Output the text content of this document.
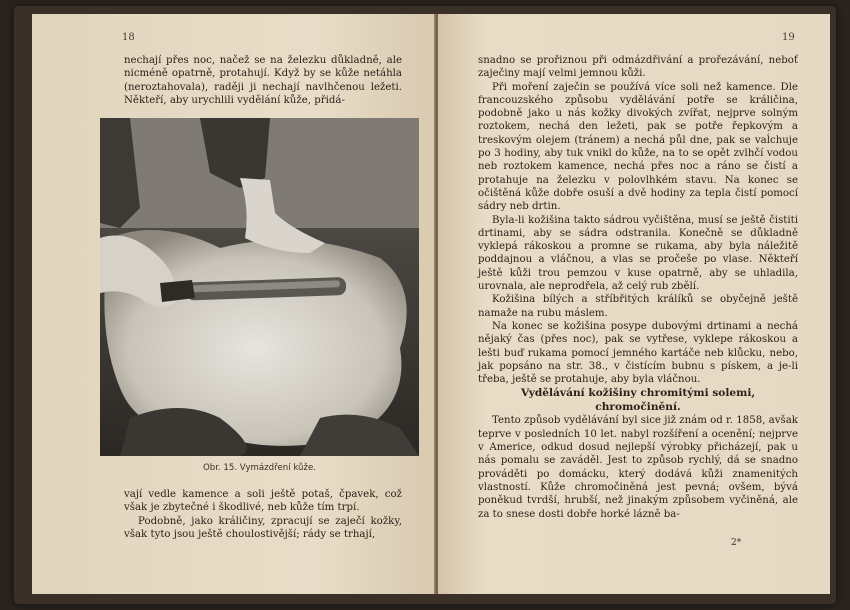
18

nechají přes noc, načež se na železku důkladně, ale nicméně opatrně, protahují. Když by se kůže netáhla (neroztahovala), raději ji nechají navlhčenou ležeti. Někteří, aby urychlili vydělání kůže, přidá-

Obr. 15. Vymázdření kůže.

vají vedle kamence a soli ještě potaš, čpavek, což však je zbytečné i škodlivé, neb kůže tím trpí.

Podobně, jako králičiny, zpracují se zaječí kožky, však tyto jsou ještě choulostivější; rády se trhají,

19

snadno se prořiznou při odmázdřivání a prořezávání, neboť zaječiny mají velmi jemnou kůži.

Při moření zaječin se používá více soli než kamence. Dle francouzského způsobu vydělávání potře se králičina, podobně jako u nás kožky divokých zvířat, nejprve solným roztokem, nechá den ležeti, pak se potře řepkovým a treskovým olejem (tránem) a nechá půl dne, pak se vaĺchuje po 3 hodiny, aby tuk vnikl do kůže, na to se opět zvlhčí vodou neb roztokem kamence, nechá přes noc a ráno se čistí a protahuje na železku v polovlhkém stavu. Na konec se očištěná kůže dobře osuší a dvě hodiny za tepla čistí pomocí sádry neb drtin.

Byla-li kožišina takto sádrou vyčištěna, musí se ještě čistiti drtinami, aby se sádra odstranila. Konečně se důkladně vyklepá rákoskou a promne se rukama, aby byla náležitě poddajnou a vláčnou, a vlas se pročeše po vlase. Někteří ještě kůži trou pemzou v kuse opatrně, aby se uhladila, urovnala, ale neprodřela, až celý rub zbělí.

Kožišina bílých a stříbřitých králíků se obyčejně ještě namaže na rubu máslem.

Na konec se kožišina posype dubovými drtinami a nechá nějaký čas (přes noc), pak se vytřese, vyklepe rákoskou a lešti buď rukama pomocí jemného kartáče neb klůcku, nebo, jak popsáno na str. 38., v čistícím bubnu s pískem, a je-li třeba, ještě se protahuje, aby byla vláčnou.

Vydělávání kožišiny chromitými solemi, chromočinění.

Tento způsob vydělávání byl sice již znám od r. 1858, avšak teprve v posledních 10 let. nabyl rozšíření a ocenění; nejprve v Americe, odkud dosud nejlepší výrobky přicházejí, pak u nás pomalu se zaváděl. Jest to způsob rychlý, dá se snadno prováděti po domácku, který dodává kůži znamenitých vlastností. Kůže chromočiněná jest pevná; ovšem, bývá poněkud tvrdší, hrubší, než jinakým způsobem vyčiněná, ale za to snese dosti dobře horké lázně ba-

2*
